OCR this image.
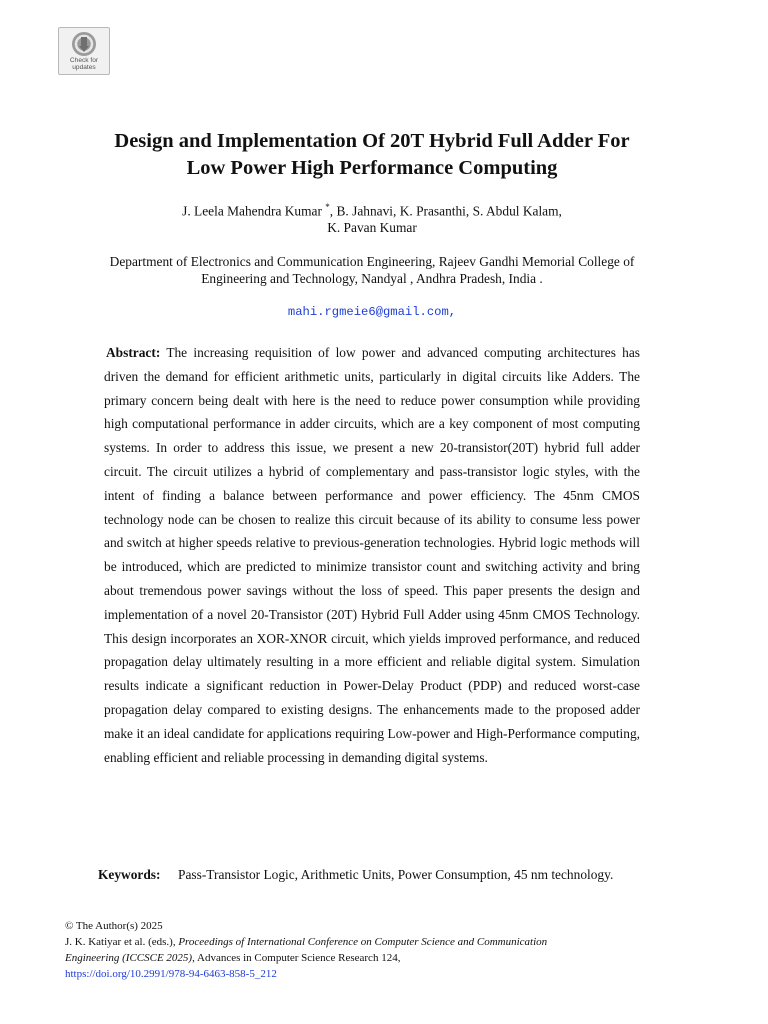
Check for
updates
Design and Implementation Of 20T Hybrid Full Adder For
Low Power High Performance Computing
J. Leela Mahendra Kumar *, B. Jahnavi, K. Prasanthi, S. Abdul Kalam,
K. Pavan Kumar
Department of Electronics and Communication Engineering, Rajeev Gandhi Memorial College of
Engineering and Technology, Nandyal , Andhra Pradesh, India .
mahi.rgmeie6@gmail.com,
Abstract: The increasing requisition of low power and advanced computing architectures has driven the demand for efficient arithmetic units, particularly in digital circuits like Adders. The primary concern being dealt with here is the need to reduce power consumption while providing high computational performance in adder circuits, which are a key component of most computing systems. In order to address this issue, we present a new 20-transistor(20T) hybrid full adder circuit. The circuit utilizes a hybrid of complementary and pass-transistor logic styles, with the intent of finding a balance between performance and power efficiency. The 45nm CMOS technology node can be chosen to realize this circuit because of its ability to consume less power and switch at higher speeds relative to previous-generation technologies. Hybrid logic methods will be introduced, which are predicted to minimize transistor count and switching activity and bring about tremendous power savings without the loss of speed. This paper presents the design and implementation of a novel 20-Transistor (20T) Hybrid Full Adder using 45nm CMOS Technology. This design incorporates an XOR-XNOR circuit, which yields improved performance, and reduced propagation delay ultimately resulting in a more efficient and reliable digital system. Simulation results indicate a significant reduction in Power-Delay Product (PDP) and reduced worst-case propagation delay compared to existing designs. The enhancements made to the proposed adder make it an ideal candidate for applications requiring Low-power and High-Performance computing, enabling efficient and reliable processing in demanding digital systems.
Keywords: Pass-Transistor Logic, Arithmetic Units, Power Consumption, 45 nm technology.
© The Author(s) 2025
J. K. Katiyar et al. (eds.), Proceedings of International Conference on Computer Science and Communication
Engineering (ICCSCE 2025), Advances in Computer Science Research 124,
https://doi.org/10.2991/978-94-6463-858-5_212
